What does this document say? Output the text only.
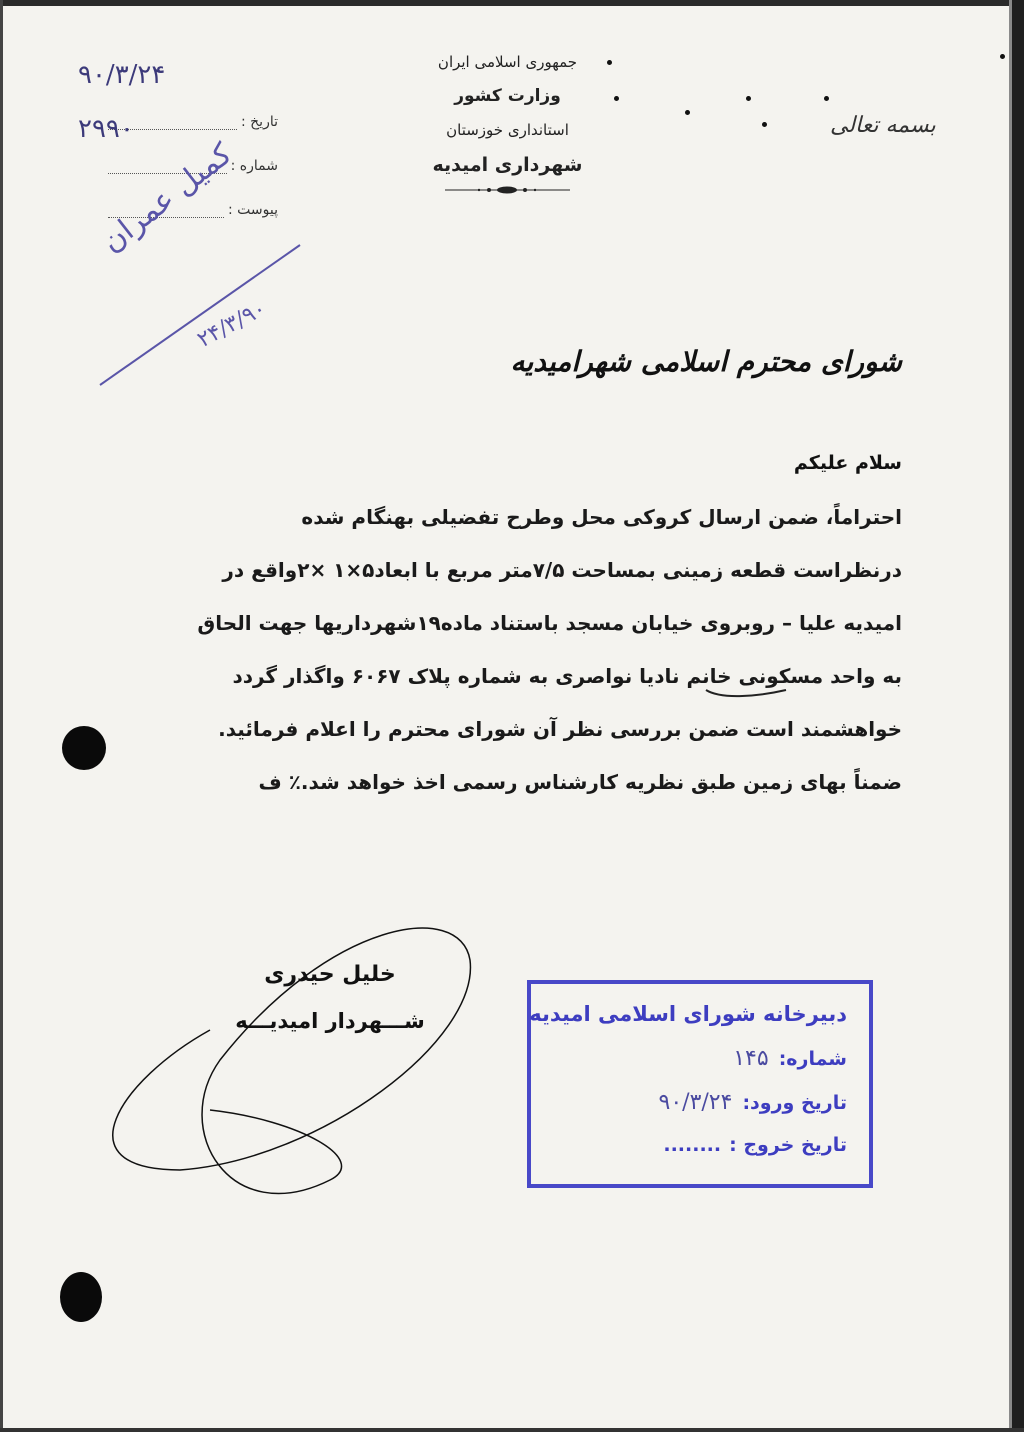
جمهوری اسلامی ایران
وزارت کشور
استانداری خوزستان
شهرداری امیدیه
بسمه تعالی
تاریخ :
شماره :
پیوست :
۹۰/۳/۲۴
۲۹۹۰
کمیل عمران
۲۴/۳/۹۰
شورای محترم اسلامی شهرامیدیه
سلام علیکم
احتراماً، ضمن ارسال کروکی محل وطرح تفضیلی بهنگام شده
درنظراست قطعه زمینی بمساحت ۷/۵متر مربع با ابعاد۵×۱ ×۲واقع در
امیدیه علیا – روبروی خیابان مسجد باستناد ماده۱۹شهرداریها جهت الحاق
به واحد مسکونی خانم نادیا نواصری به شماره پلاک ۶۰۶۷ واگذار گردد
خواهشمند است ضمن بررسی نظر آن شورای محترم را اعلام فرمائید.
ضمناً بهای زمین طبق نظریه کارشناس رسمی اخذ خواهد شد.٪ ف
خلیل حیدری
شـــهردار امیدیـــه	دبیرخانه شورای اسلامی امیدیه
شماره:
۱۴۵
تاریخ ورود:
۹۰/۳/۲۴
تاریخ خروج :
........
